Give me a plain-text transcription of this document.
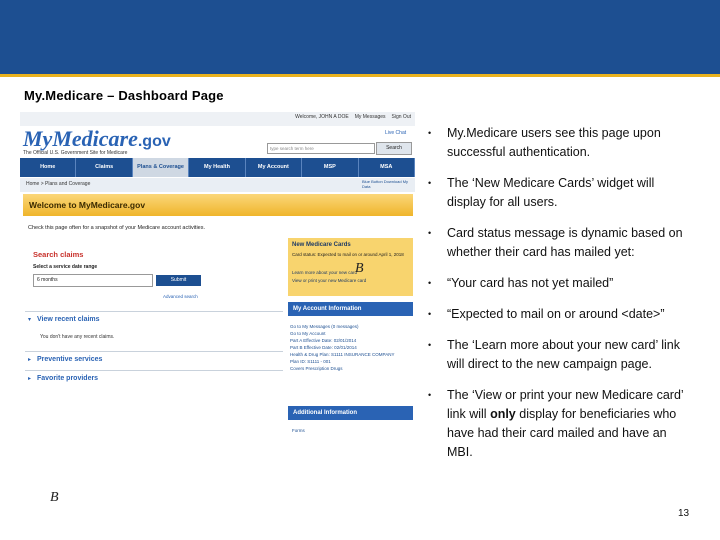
My.Medicare – Dashboard Page
Welcome, JOHN A DOE My Messages Sign Out
MyMedicare.gov
The Official U.S. Government Site for Medicare
Live Chat
type search term here	Search
Home	Claims	Plans & Coverage	My Health	My Account	MSP	MSA
Home > Plans and Coverage	Blue Button Download My Data
Welcome to MyMedicare.gov
Check this page often for a snapshot of your Medicare account activities.
Search claims
Select a service date range
6 months	Submit
Advanced search
▾ View recent claims
You don't have any recent claims.
▸ Preventive services
▸ Favorite providers
New Medicare Cards
Card status: Expected to mail on or around April 1, 2018
Learn more about your new card
View or print your new Medicare card
B
My Account Information
Go to My Messages (0 messages)
Go to My Account
Part A Effective Date: 02/01/2014
Part B Effective Date: 02/01/2014
Health & Drug Plan: S1111 INSURANCE COMPANY
Plan ID: S1111 - 001
Covers Prescription Drugs
Additional Information
Forms
B
• My.Medicare users see this page upon successful authentication.
• The ‘New Medicare Cards’ widget will display for all users.
• Card status message is dynamic based on whether their card has mailed yet:
• “Your card has not yet mailed”
• “Expected to mail on or around <date>”
• The ‘Learn more about your new card’ link will direct to the new campaign page.
• The ‘View or print your new Medicare card’ link will only display for beneficiaries who have had their card mailed and have an MBI.
13
